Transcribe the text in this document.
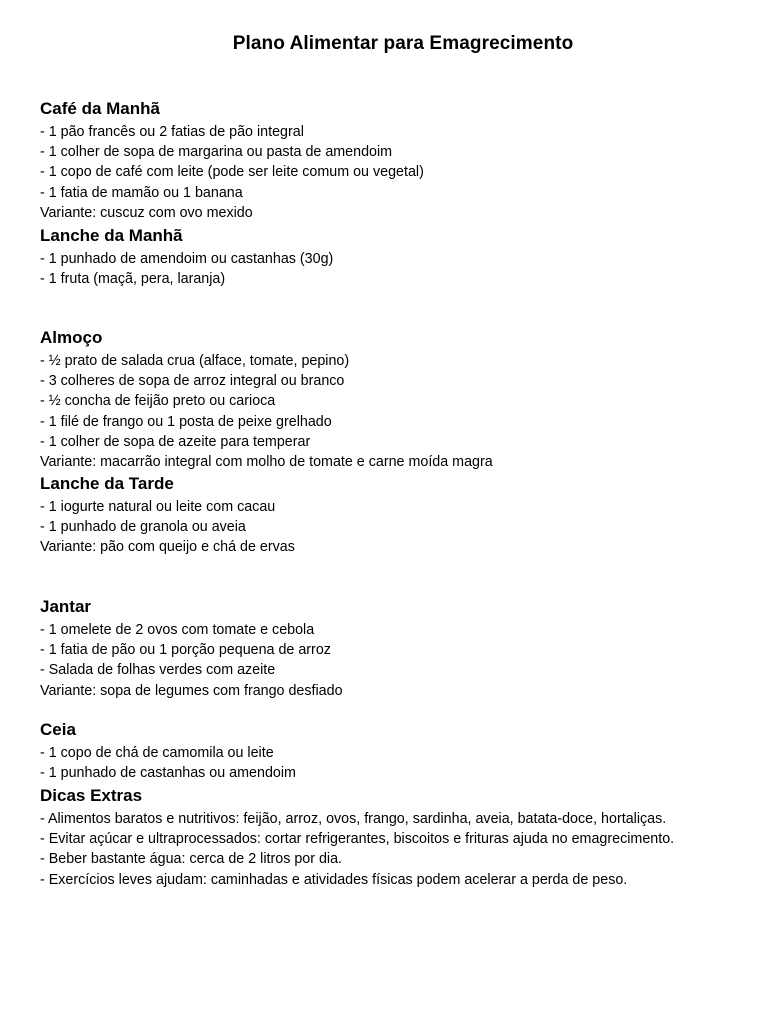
Plano Alimentar para Emagrecimento
Café da Manhã
- 1 pão francês ou 2 fatias de pão integral
- 1 colher de sopa de margarina ou pasta de amendoim
- 1 copo de café com leite (pode ser leite comum ou vegetal)
- 1 fatia de mamão ou 1 banana
Variante: cuscuz com ovo mexido
Lanche da Manhã
- 1 punhado de amendoim ou castanhas (30g)
- 1 fruta (maçã, pera, laranja)
Almoço
- ½ prato de salada crua (alface, tomate, pepino)
- 3 colheres de sopa de arroz integral ou branco
- ½ concha de feijão preto ou carioca
- 1 filé de frango ou 1 posta de peixe grelhado
- 1 colher de sopa de azeite para temperar
Variante: macarrão integral com molho de tomate e carne moída magra
Lanche da Tarde
- 1 iogurte natural ou leite com cacau
- 1 punhado de granola ou aveia
Variante: pão com queijo e chá de ervas
Jantar
- 1 omelete de 2 ovos com tomate e cebola
- 1 fatia de pão ou 1 porção pequena de arroz
- Salada de folhas verdes com azeite
Variante: sopa de legumes com frango desfiado
Ceia
- 1 copo de chá de camomila ou leite
- 1 punhado de castanhas ou amendoim
Dicas Extras
- Alimentos baratos e nutritivos: feijão, arroz, ovos, frango, sardinha, aveia, batata-doce, hortaliças.
- Evitar açúcar e ultraprocessados: cortar refrigerantes, biscoitos e frituras ajuda no emagrecimento.
- Beber bastante água: cerca de 2 litros por dia.
- Exercícios leves ajudam: caminhadas e atividades físicas podem acelerar a perda de peso.
